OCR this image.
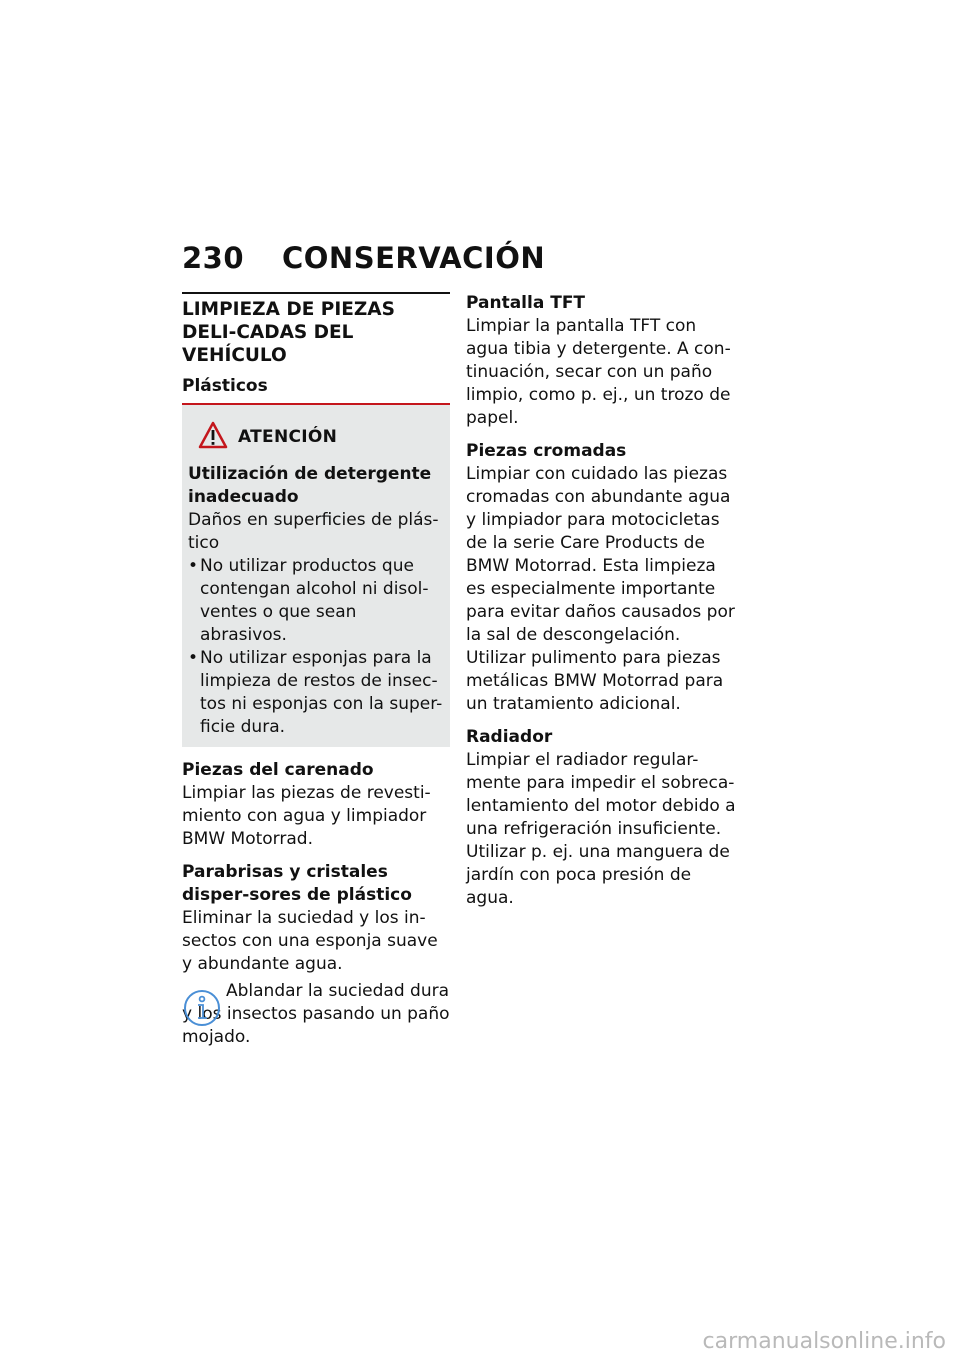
230 CONSERVACIÓN
LIMPIEZA DE PIEZAS DELI-CADAS DEL VEHÍCULO
Plásticos
ATENCIÓN
Utilización de detergente inadecuado
Daños en superficies de plás-tico
• No utilizar productos que contengan alcohol ni disol-ventes o que sean abrasivos.
• No utilizar esponjas para la limpieza de restos de insec-tos ni esponjas con la super-ficie dura.
Piezas del carenado
Limpiar las piezas de revesti-miento con agua y limpiador BMW Motorrad.
Parabrisas y cristales disper-sores de plástico
Eliminar la suciedad y los in-sectos con una esponja suave y abundante agua.
Ablandar la suciedad dura y los insectos pasando un paño mojado.
Pantalla TFT
Limpiar la pantalla TFT con agua tibia y detergente. A con-tinuación, secar con un paño limpio, como p. ej., un trozo de papel.
Piezas cromadas
Limpiar con cuidado las piezas cromadas con abundante agua y limpiador para motocicletas de la serie Care Products de BMW Motorrad. Esta limpieza es especialmente importante para evitar daños causados por la sal de descongelación. Utilizar pulimento para piezas metálicas BMW Motorrad para un tratamiento adicional.
Radiador
Limpiar el radiador regular-mente para impedir el sobreca-lentamiento del motor debido a una refrigeración insuficiente. Utilizar p. ej. una manguera de jardín con poca presión de agua.
carmanualsonline.info
